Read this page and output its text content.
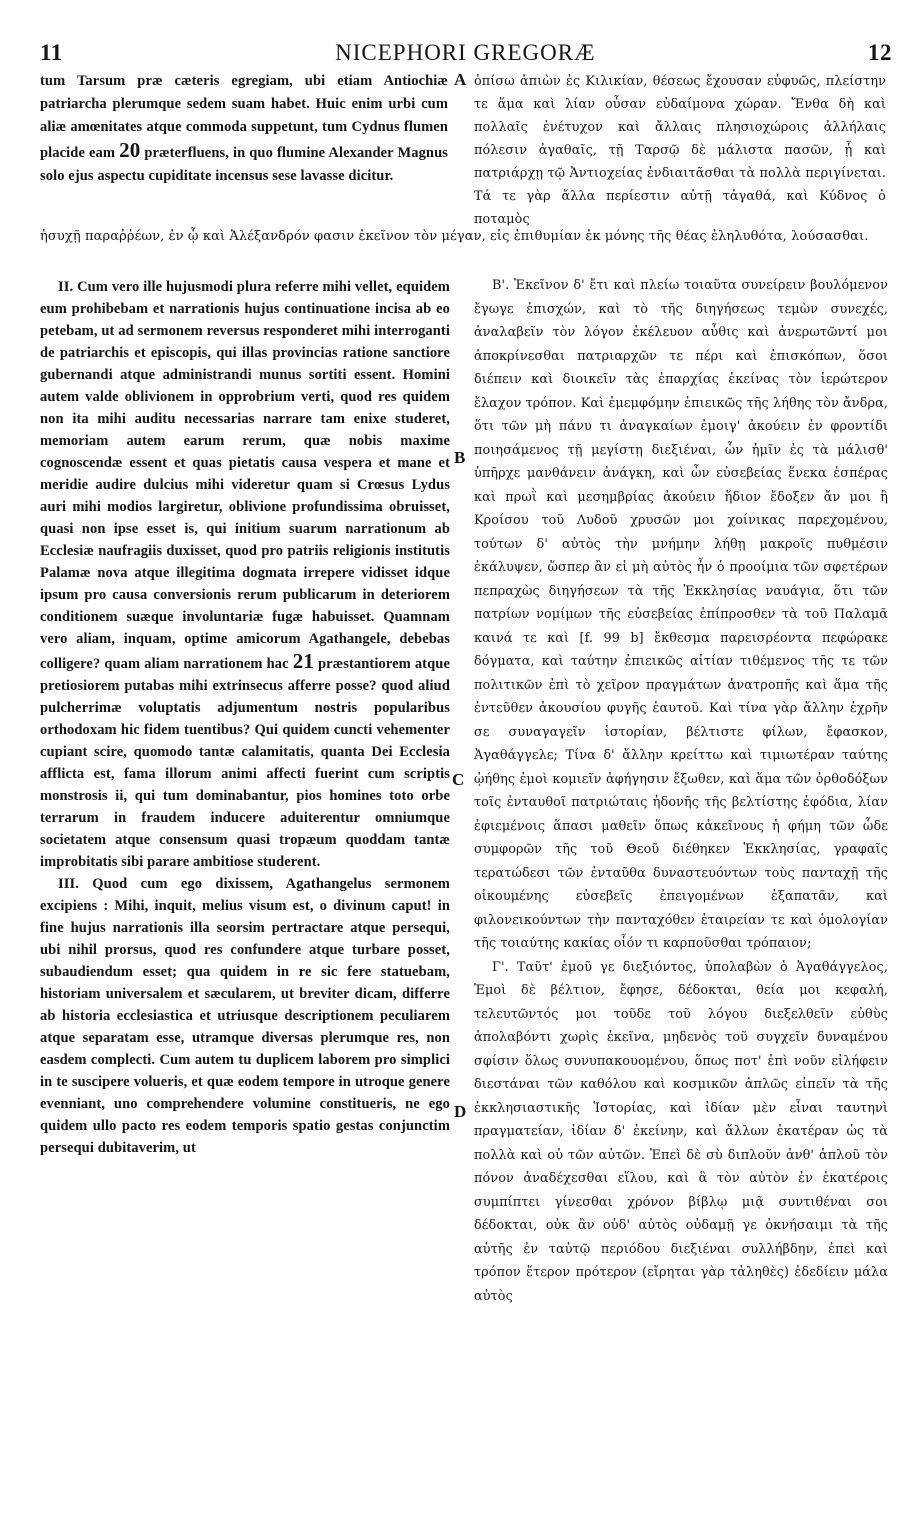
11	NICEPHORI GREGORÆ	12
tum Tarsum præ cæteris egregiam, ubi etiam Antiochiæ patriarcha plerumque sedem suam habet. Huic enim urbi cum aliæ amœnitates atque commoda suppetunt, tum Cydnus flumen placide eam 20 præterfluens, in quo flumine Alexander Magnus solo ejus aspectu cupiditate incensus sese lavasse dicitur.
ὀπίσω ἀπιὼν ἐς Κιλικίαν, θέσεως ἔχουσαν εὐφυῶς, πλείστην τε ἅμα καὶ λίαν οὖσαν εὐδαίμονα χώραν. Ἔνθα δὴ καὶ πολλαῖς ἐνέτυχον καὶ ἄλλαις πλησιοχώροις ἀλλήλαις πόλεσιν ἀγαθαῖς, τῇ Ταρσῷ δὲ μάλιστα πασῶν, ᾗ καὶ πατριάρχῃ τῷ Ἀντιοχείας ἐνδιαιτᾶσθαι τὰ πολλὰ περιγίνεται. Τά τε γὰρ ἄλλα περίεστιν αὐτῇ τἀγαθά, καὶ Κύδνος ὁ ποταμὸς
ἡσυχῇ παραῤῥέων, ἐν ᾧ καὶ Ἀλέξανδρόν φασιν ἐκεῖνον τὸν μέγαν, εἰς ἐπιθυμίαν ἐκ μόνης τῆς θέας ἐληλυθότα, λούσασθαι.

II. Cum vero ille hujusmodi plura referre mihi vellet, equidem eum prohibebam et narrationis hujus continuatione incisa ab eo petebam, ut ad sermonem reversus responderet mihi interroganti de patriarchis et episcopis, qui illas provincias ratione sanctiore gubernandi atque administrandi munus sortiti essent. Homini autem valde oblivionem in opprobrium verti, quod res quidem non ita mihi auditu necessarias narrare tam enixe studeret, memoriam autem earum rerum, quæ nobis maxime cognoscendæ essent et quas pietatis causa vespera et mane et meridie audire dulcius mihi videretur quam si Crœsus Lydus auri mihi modios largiretur, oblivione profundissima obruisset, quasi non ipse esset is, qui initium suarum narrationum ab Ecclesiæ naufragiis duxisset, quod pro patriis religionis institutis Palamæ nova atque illegitima dogmata irrepere vidisset idque ipsum pro causa conversionis rerum publicarum in deteriorem conditionem suæque involuntariæ fugæ habuisset. Quamnam vero aliam, inquam, optime amicorum Agathangele, debebas colligere? quam aliam narrationem hac 21 præstantiorem atque pretiosiorem putabas mihi extrinsecus afferre posse? quod aliud pulcherrimæ voluptatis adjumentum nostris popularibus orthodoxam hic fidem tuentibus? Qui quidem cuncti vehementer cupiant scire, quomodo tantæ calamitatis, quanta Dei Ecclesia afflicta est, fama illorum animi affecti fuerint cum scriptis monstrosis ii, qui tum dominabantur, pios homines toto orbe terrarum in fraudem inducere aduiterentur omniumque societatem atque consensum quasi tropæum quoddam tantæ improbitatis sibi parare ambitiose studerent.

III. Quod cum ego dixissem, Agathangelus sermonem excipiens : Mihi, inquit, melius visum est, o divinum caput! in fine hujus narrationis illa seorsim pertractare atque persequi, ubi nihil prorsus, quod res confundere atque turbare posset, subaudiendum esset; qua quidem in re sic fere statuebam, historiam universalem et sæcularem, ut breviter dicam, differre ab historia ecclesiastica et utriusque descriptionem peculiarem atque separatam esse, utramque diversas plerumque res, non easdem complecti. Cum autem tu duplicem laborem pro simplici in te suscipere volueris, et quæ eodem tempore in utroque genere evenniant, uno comprehendere volumine constitueris, ne ego quidem ullo pacto res eodem temporis spatio gestas conjunctim persequi dubitaverim, ut

Β'. Ἐκεῖνον δ' ἔτι καὶ πλείω τοιαῦτα συνείρειν βουλόμενον ἔγωγε ἐπισχών, καὶ τὸ τῆς διηγήσεως τεμὼν συνεχές, ἀναλαβεῖν τὸν λόγον ἐκέλευον αὖθις καὶ ἀνερωτῶντί μοι ἀποκρίνεσθαι πατριαρχῶν τε πέρι καὶ ἐπισκόπων, ὅσοι διέπειν καὶ διοικεῖν τὰς ἐπαρχίας ἐκείνας τὸν ἱερώτερον ἔλαχον τρόπον. Καὶ ἐμεμφόμην ἐπιεικῶς τῆς λήθης τὸν ἄνδρα, ὅτι τῶν μὴ πάνυ τι ἀναγκαίων ἐμοιγ' ἀκούειν ἐν φροντίδι ποιησάμενος τῇ μεγίστῃ διεξιέναι, ὧν ἡμῖν ἐς τὰ μάλισθ' ὑπῆρχε μανθάνειν ἀνάγκη, καὶ ὧν εὐσεβείας ἕνεκα ἑσπέρας καὶ πρωῒ καὶ μεσημβρίας ἀκούειν ἥδιον ἔδοξεν ἄν μοι ἢ Κροίσου τοῦ Λυδοῦ χρυσῶν μοι χοίνικας παρεχομένου, τούτων δ' αὐτὸς τὴν μνήμην λήθῃ μακροῖς πυθμέσιν ἐκάλυψεν, ὥσπερ ἂν εἰ μὴ αὐτὸς ἦν ὁ προοίμια τῶν σφετέρων πεπραχὼς διηγήσεων τὰ τῆς Ἐκκλησίας ναυάγια, ὅτι τῶν πατρίων νομίμων τῆς εὐσεβείας ἐπίπροσθεν τὰ τοῦ Παλαμᾶ καινά τε καὶ [f. 99 b] ἔκθεσμα παρεισρέοντα πεφώρακε δόγματα, καὶ ταύτην ἐπιεικῶς αἰτίαν τιθέμενος τῆς τε τῶν πολιτικῶν ἐπὶ τὸ χεῖρον πραγμάτων ἀνατροπῆς καὶ ἅμα τῆς ἐντεῦθεν ἀκουσίου φυγῆς ἑαυτοῦ. Καὶ τίνα γὰρ ἄλλην ἐχρῆν σε συναγαγεῖν ἱστορίαν, βέλτιστε φίλων, ἔφασκον, Ἀγαθάγγελε; Τίνα δ' ἄλλην κρείττω καὶ τιμιωτέραν ταύτης ᾠήθης ἐμοὶ κομιεῖν ἀφήγησιν ἔξωθεν, καὶ ἅμα τῶν ὀρθοδόξων τοῖς ἐνταυθοῖ πατριώταις ἡδονῆς τῆς βελτίστης ἐφόδια, λίαν ἐφιεμένοις ἅπασι μαθεῖν ὅπως κἀκεῖνους ἡ φήμη τῶν ὧδε συμφορῶν τῆς τοῦ Θεοῦ διέθηκεν Ἐκκλησίας, γραφαῖς τερατώδεσι τῶν ἐνταῦθα δυναστευόντων τοὺς πανταχῇ τῆς οἰκουμένης εὐσεβεῖς ἐπειγομένων ἐξαπατᾶν, καὶ φιλονεικούντων τὴν πανταχόθεν ἑταιρείαν τε καὶ ὁμολογίαν τῆς τοιαύτης κακίας οἷόν τι καρποῦσθαι τρόπαιον;

Γ'. Ταῦτ' ἐμοῦ γε διεξιόντος, ὑπολαβὼν ὁ Ἀγαθάγγελος, Ἐμοὶ δὲ βέλτιον, ἔφησε, δέδοκται, θεία μοι κεφαλή, τελευτῶντός μοι τοῦδε τοῦ λόγου διεξελθεῖν εὐθὺς ἀπολαβόντι χωρὶς ἐκεῖνα, μηδενὸς τοῦ συγχεῖν δυναμένου σφίσιν ὅλως συνυπακουομένου, ὅπως ποτ' ἐπὶ νοῦν εἰλήφειν διεστάναι τῶν καθόλου καὶ κοσμικῶν ἁπλῶς εἰπεῖν τὰ τῆς ἐκκλησιαστικῆς Ἱστορίας, καὶ ἰδίαν μὲν εἶναι ταυτηνὶ πραγματείαν, ἰδίαν δ' ἐκείνην, καὶ ἄλλων ἑκατέραν ὡς τὰ πολλὰ καὶ οὐ τῶν αὐτῶν. Ἐπεὶ δὲ σὺ διπλοῦν ἀνθ' ἁπλοῦ τὸν πόνον ἀναδέχεσθαι εἵλου, καὶ ἃ τὸν αὐτὸν ἐν ἑκατέροις συμπίπτει γίνεσθαι χρόνον βίβλῳ μιᾷ συντιθέναι σοι δέδοκται, οὐκ ἂν οὐδ' αὐτὸς οὐδαμῇ γε ὀκνήσαιμι τὰ τῆς αὐτῆς ἐν ταὐτῷ περιόδου διεξιέναι συλλήβδην, ἐπεὶ καὶ τρόπον ἕτερον πρότερον (εἴρηται γὰρ τἀληθὲς) ἐδεδίειν μάλα αὐτὸς

A
B
C
D
